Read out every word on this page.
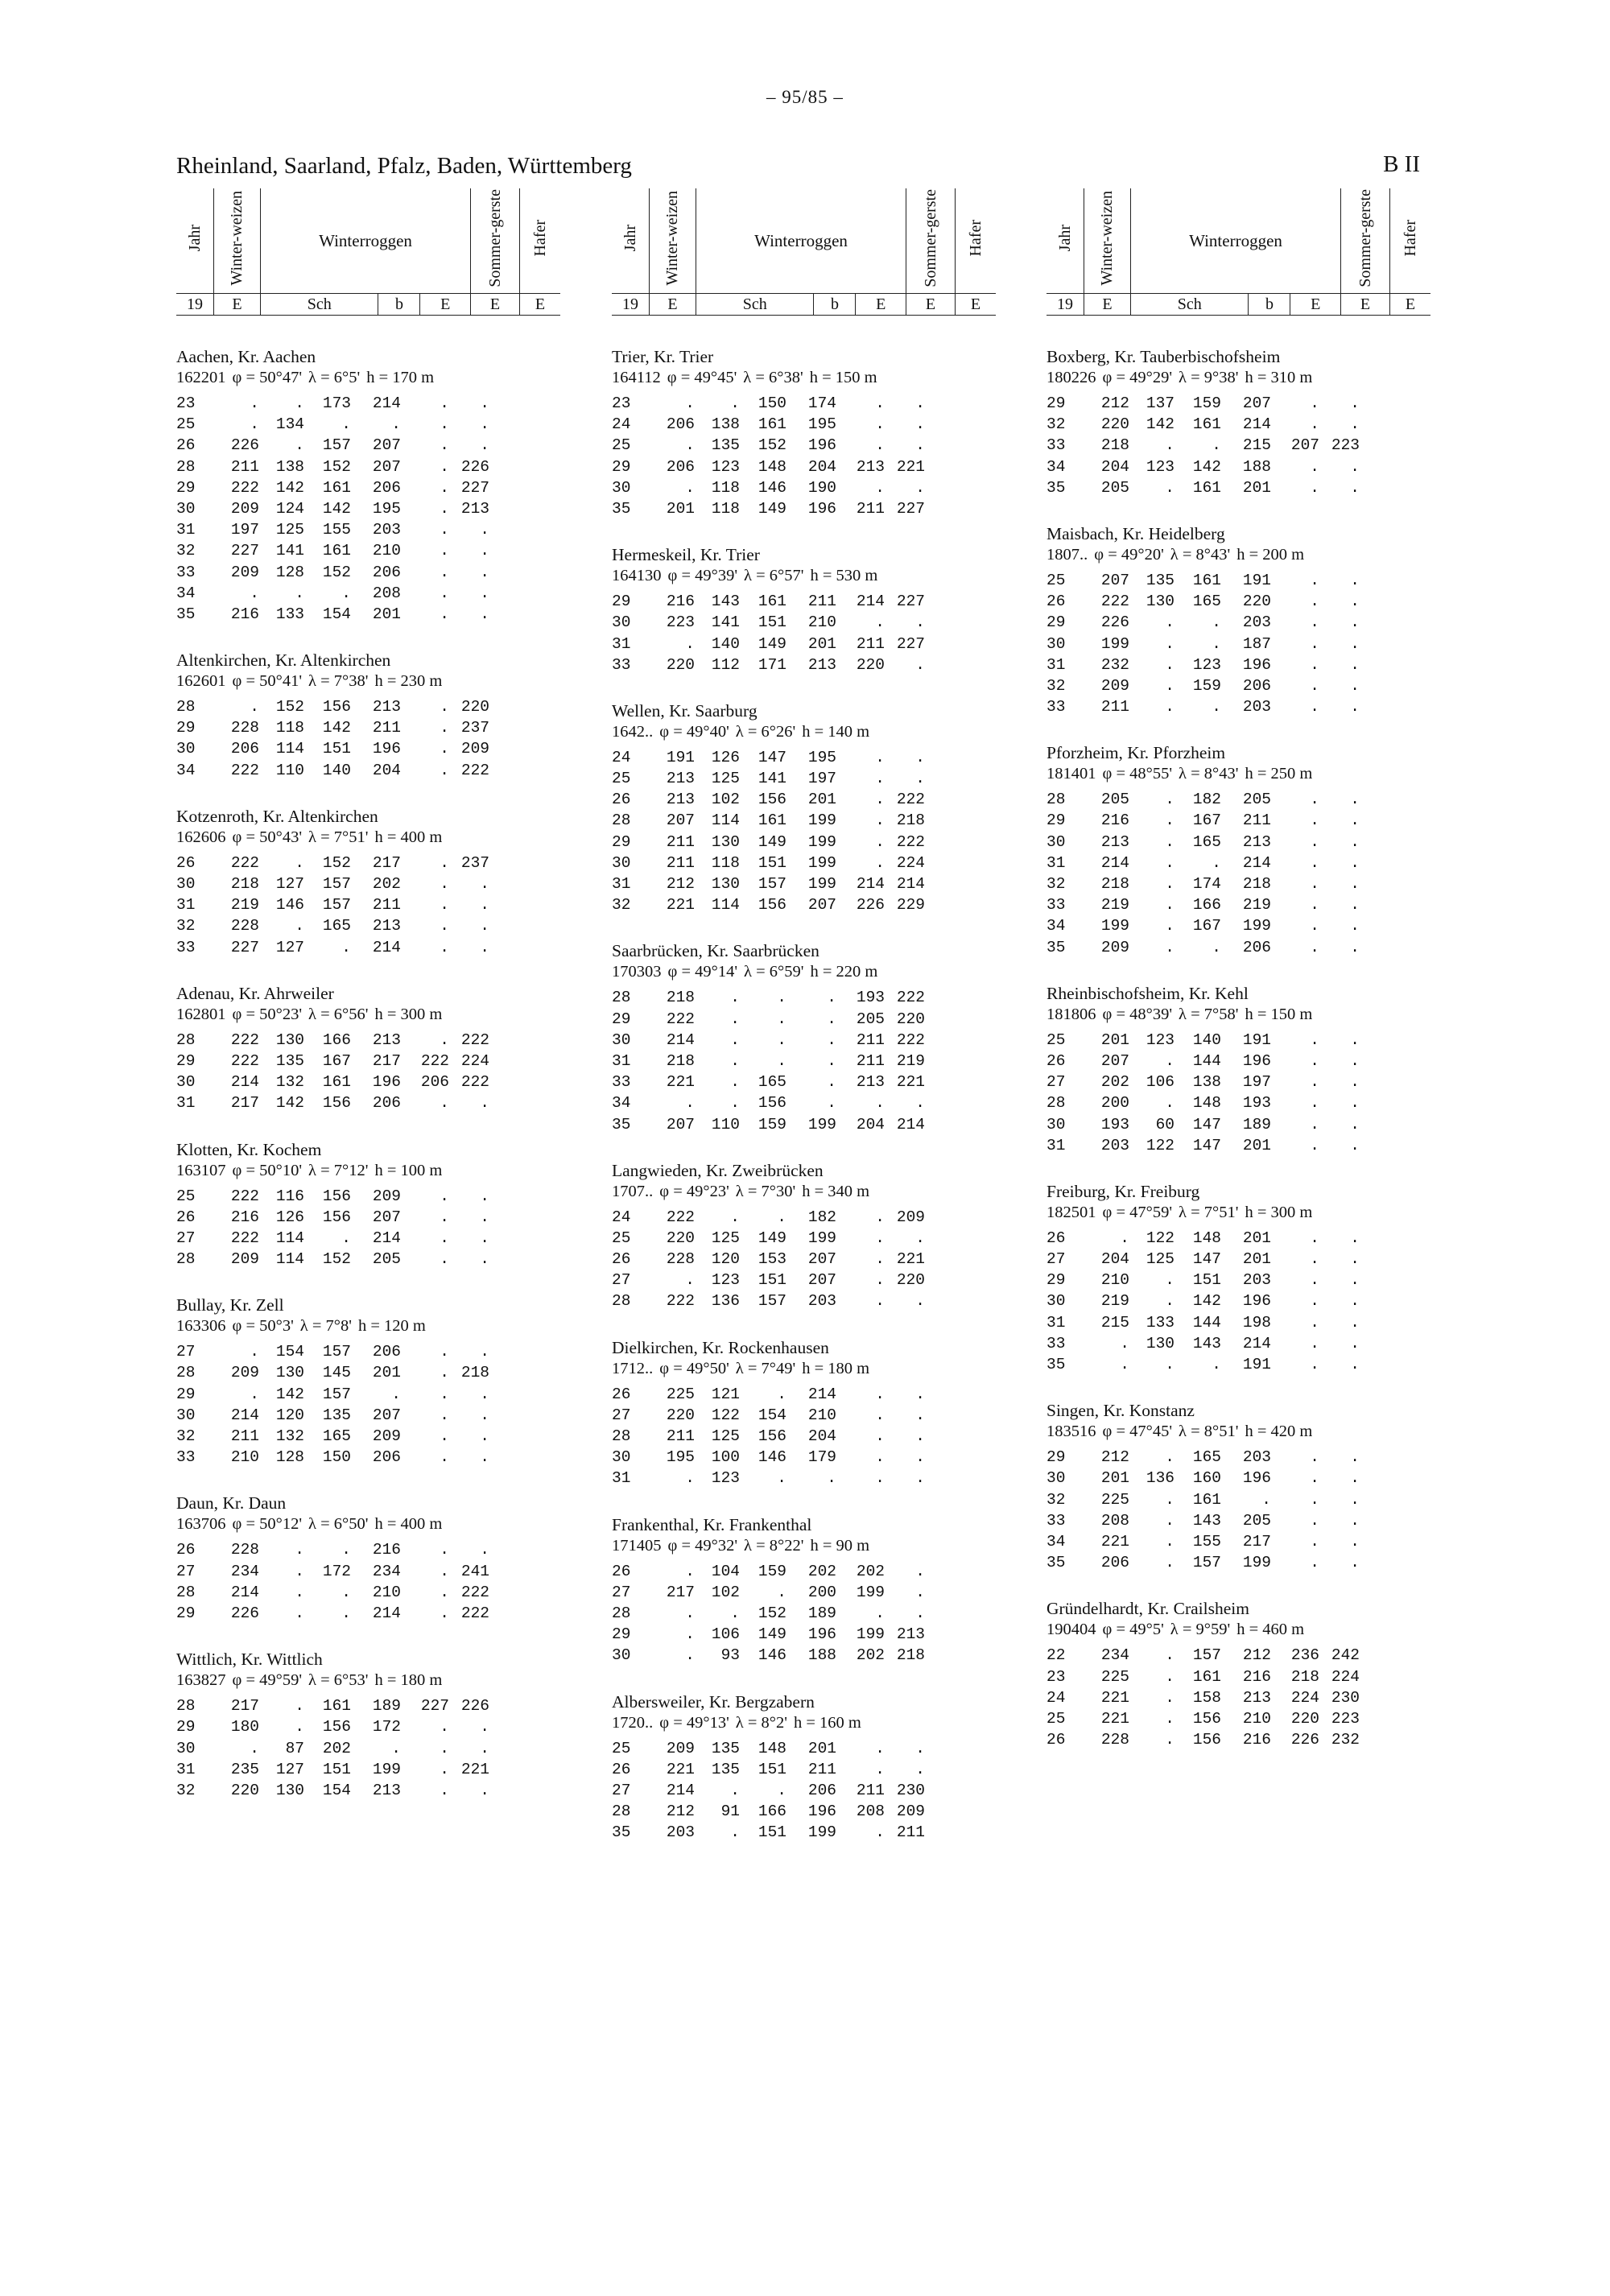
– 95/85 –
Rheinland, Saarland, Pfalz, Baden, Württemberg	B II
Jahr	Winter-weizen	Winterroggen			Sommer-gerste	Hafer
19	E	Sch	b	E	E	E
Aachen, Kr. Aachen
162201 φ = 50°47' λ = 6°5' h = 170 m
23	.	.	173	214	.	.
25	.	134	.	.	.	.
26	226	.	157	207	.	.
28	211	138	152	207	. 226
29	222	142	161	206	. 227
30	209	124	142	195	. 213
31	197	125	155	203	.	.
32	227	141	161	210	.	.
33	209	128	152	206	.	.
34	.	.	.	208	.	.
35	216	133	154	201	.	.
Altenkirchen, Kr. Altenkirchen
162601 φ = 50°41' λ = 7°38' h = 230 m
28	.	152	156	213	. 220
29	228	118	142	211	. 237
30	206	114	151	196	. 209
34	222	110	140	204	. 222
Kotzenroth, Kr. Altenkirchen
162606 φ = 50°43' λ = 7°51' h = 400 m
26	222	.	152	217	. 237
30	218	127	157	202	.	.
31	219	146	157	211	.	.
32	228	.	165	213	.	.
33	227	127	.	214	.	.
Adenau, Kr. Ahrweiler
162801 φ = 50°23' λ = 6°56' h = 300 m
28	222	130	166	213	. 222
29	222	135	167	217	222 224
30	214	132	161	196	206 222
31	217	142	156	206	.	.
Klotten, Kr. Kochem
163107 φ = 50°10' λ = 7°12' h = 100 m
25	222	116	156	209	.	.
26	216	126	156	207	.	.
27	222	114	.	214	.	.
28	209	114	152	205	.	.
Bullay, Kr. Zell
163306 φ = 50°3' λ = 7°8' h = 120 m
27	.	154	157	206	.	.
28	209	130	145	201	. 218
29	.	142	157	.	.	.
30	214	120	135	207	.	.
32	211	132	165	209	.	.
33	210	128	150	206	.	.
Daun, Kr. Daun
163706 φ = 50°12' λ = 6°50' h = 400 m
26	228	.	.	216	.	.
27	234	.	172	234	. 241
28	214	.	.	210	. 222
29	226	.	.	214	. 222
Wittlich, Kr. Wittlich
163827 φ = 49°59' λ = 6°53' h = 180 m
28	217	.	161	189	227 226
29	180	.	156	172	.	.
30	.	87	202	.	.	.
31	235	127	151	199	. 221
32	220	130	154	213	.	.
Jahr	Winter-weizen	Winterroggen			Sommer-gerste	Hafer
19	E	Sch	b	E	E	E
Trier, Kr. Trier
164112 φ = 49°45' λ = 6°38' h = 150 m
23	.	.	150	174	.	.
24	206	138	161	195	.	.
25	.	135	152	196	.	.
29	206	123	148	204	213 221
30	.	118	146	190	.	.
35	201	118	149	196	211 227
Hermeskeil, Kr. Trier
164130 φ = 49°39' λ = 6°57' h = 530 m
29	216	143	161	211	214 227
30	223	141	151	210	.	.
31	.	140	149	201	211 227
33	220	112	171	213	220	.
Wellen, Kr. Saarburg
1642.. φ = 49°40' λ = 6°26' h = 140 m
24	191	126	147	195	.	.
25	213	125	141	197	.	.
26	213	102	156	201	. 222
28	207	114	161	199	. 218
29	211	130	149	199	. 222
30	211	118	151	199	. 224
31	212	130	157	199	214 214
32	221	114	156	207	226 229
Saarbrücken, Kr. Saarbrücken
170303 φ = 49°14' λ = 6°59' h = 220 m
28	218	.	.	.	193 222
29	222	.	.	.	205 220
30	214	.	.	.	211 222
31	218	.	.	.	211 219
33	221	.	165	.	213 221
34	.	.	156	.	.	.
35	207	110	159	199	204 214
Langwieden, Kr. Zweibrücken
1707.. φ = 49°23' λ = 7°30' h = 340 m
24	222	.	.	182	. 209
25	220	125	149	199	.	.
26	228	120	153	207	. 221
27	.	123	151	207	. 220
28	222	136	157	203	.	.
Dielkirchen, Kr. Rockenhausen
1712.. φ = 49°50' λ = 7°49' h = 180 m
26	225	121	.	214	.	.
27	220	122	154	210	.	.
28	211	125	156	204	.	.
30	195	100	146	179	.	.
31	.	123	.	.	.	.
Frankenthal, Kr. Frankenthal
171405 φ = 49°32' λ = 8°22' h = 90 m
26	.	104	159	202	202	.
27	217	102	.	200	199	.
28	.	.	152	189	.	.
29	.	106	149	196	199 213
30	.	93	146	188	202 218
Albersweiler, Kr. Bergzabern
1720.. φ = 49°13' λ = 8°2' h = 160 m
25	209	135	148	201	.	.
26	221	135	151	211	.	.
27	214	.	.	206	211 230
28	212	91	166	196	208 209
35	203	.	151	199	. 211
Jahr	Winter-weizen	Winterroggen			Sommer-gerste	Hafer
19	E	Sch	b	E	E	E
Boxberg, Kr. Tauberbischofsheim
180226 φ = 49°29' λ = 9°38' h = 310 m
29	212	137	159	207	.	.
32	220	142	161	214	.	.
33	218	.	.	215	207 223
34	204	123	142	188	.	.
35	205	.	161	201	.	.
Maisbach, Kr. Heidelberg
1807.. φ = 49°20' λ = 8°43' h = 200 m
25	207	135	161	191	.	.
26	222	130	165	220	.	.
29	226	.	.	203	.	.
30	199	.	.	187	.	.
31	232	.	123	196	.	.
32	209	.	159	206	.	.
33	211	.	.	203	.	.
Pforzheim, Kr. Pforzheim
181401 φ = 48°55' λ = 8°43' h = 250 m
28	205	.	182	205	.	.
29	216	.	167	211	.	.
30	213	.	165	213	.	.
31	214	.	.	214	.	.
32	218	.	174	218	.	.
33	219	.	166	219	.	.
34	199	.	167	199	.	.
35	209	.	.	206	.	.
Rheinbischofsheim, Kr. Kehl
181806 φ = 48°39' λ = 7°58' h = 150 m
25	201	123	140	191	.	.
26	207	.	144	196	.	.
27	202	106	138	197	.	.
28	200	.	148	193	.	.
30	193	60	147	189	.	.
31	203	122	147	201	.	.
Freiburg, Kr. Freiburg
182501 φ = 47°59' λ = 7°51' h = 300 m
26	.	122	148	201	.	.
27	204	125	147	201	.	.
29	210	.	151	203	.	.
30	219	.	142	196	.	.
31	215	133	144	198	.	.
33	.	130	143	214	.	.
35	.	.	.	191	.	.
Singen, Kr. Konstanz
183516 φ = 47°45' λ = 8°51' h = 420 m
29	212	.	165	203	.	.
30	201	136	160	196	.	.
32	225	.	161	.	.	.
33	208	.	143	205	.	.
34	221	.	155	217	.	.
35	206	.	157	199	.	.
Gründelhardt, Kr. Crailsheim
190404 φ = 49°5' λ = 9°59' h = 460 m
22	234	.	157	212	236 242
23	225	.	161	216	218 224
24	221	.	158	213	224 230
25	221	.	156	210	220 223
26	228	.	156	216	226 232
